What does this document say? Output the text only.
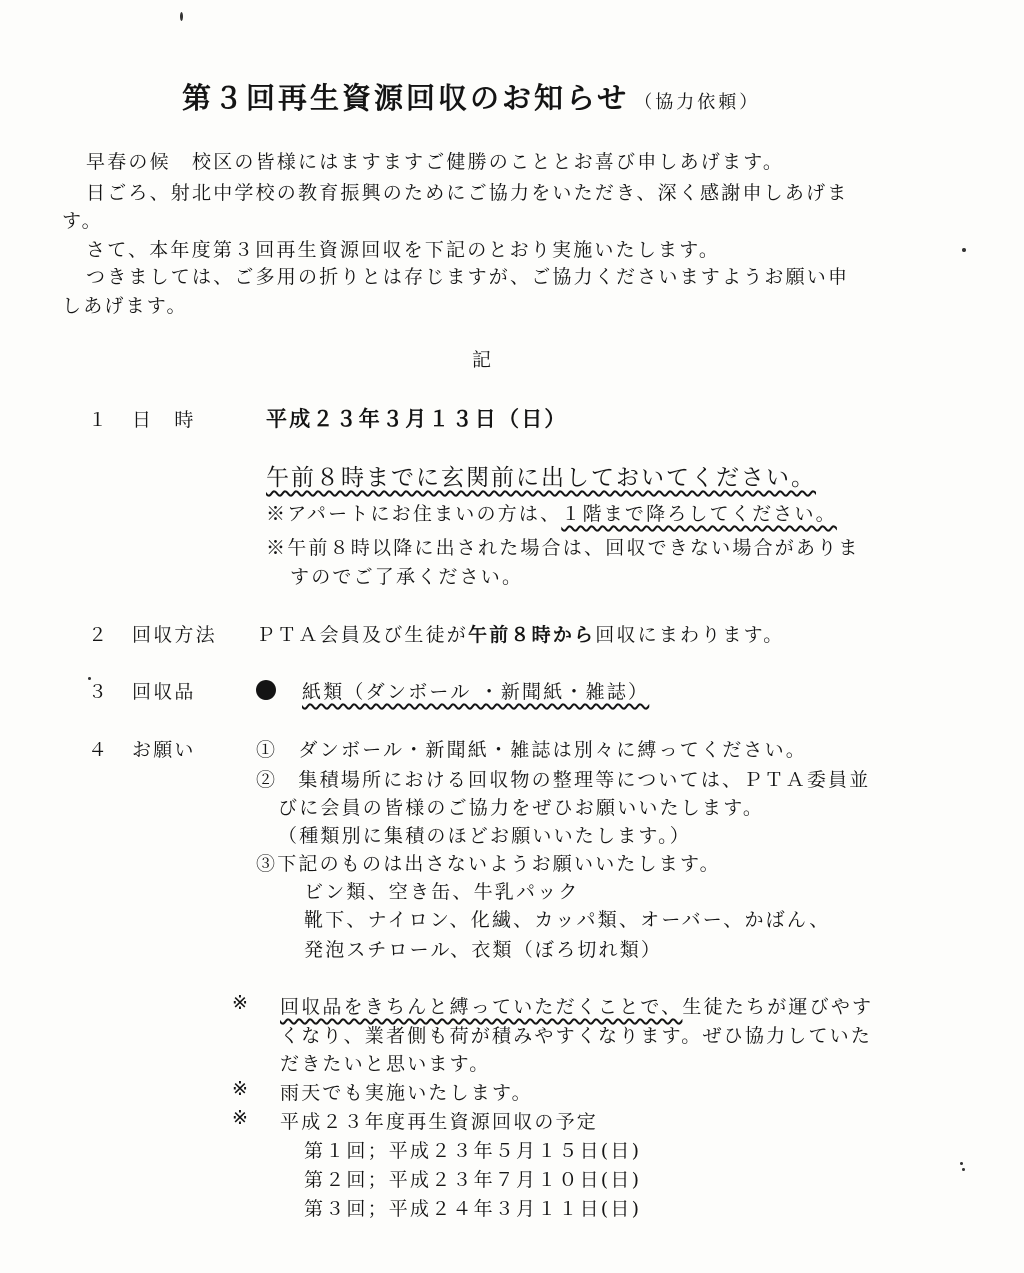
第３回再生資源回収のお知らせ （協力依頼）
早春の候　校区の皆様にはますますご健勝のこととお喜び申しあげます。
日ごろ、射北中学校の教育振興のためにご協力をいただき、深く感謝申しあげま
す。
さて、本年度第３回再生資源回収を下記のとおり実施いたします。
つきましては、ご多用の折りとは存じますが、ご協力くださいますようお願い申
しあげます。
記
１ 日　時	平成２３年３月１３日（日）
午前８時までに玄関前に出しておいてください。
※アパートにお住まいの方は、１階まで降ろしてください。
※午前８時以降に出された場合は、回収できない場合がありま
すのでご了承ください。
２ 回収方法 ＰＴＡ会員及び生徒が午前８時から回収にまわります。
３ 回収品	紙類（ダンボール ・新聞紙・雑誌）
４ お願い	①　ダンボール・新聞紙・雑誌は別々に縛ってください。
②　集積場所における回収物の整理等については、ＰＴＡ委員並
びに会員の皆様のご協力をぜひお願いいたします。
（種類別に集積のほどお願いいたします。）
③下記のものは出さないようお願いいたします。
ビン類、空き缶、牛乳パック
靴下、ナイロン、化繊、カッパ類、オーバー、かばん、
発泡スチロール、衣類（ぼろ切れ類）
※ 回収品をきちんと縛っていただくことで、生徒たちが運びやす
くなり、業者側も荷が積みやすくなります。ぜひ協力していた
だきたいと思います。
※ 雨天でも実施いたします。
※ 平成２３年度再生資源回収の予定
第１回；平成２３年５月１５日(日)
第２回；平成２３年７月１０日(日)
第３回；平成２４年３月１１日(日)
